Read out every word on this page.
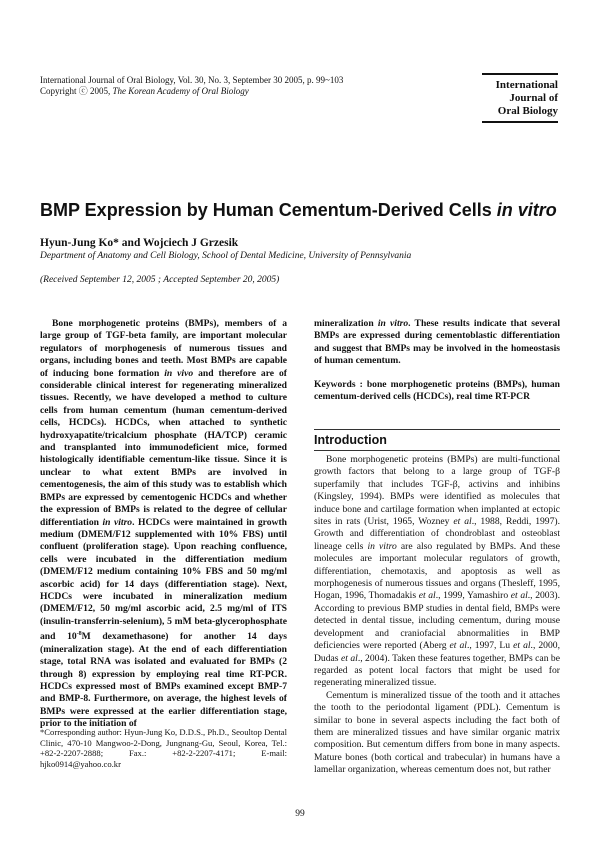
International Journal of Oral Biology, Vol. 30, No. 3, September 30 2005, p. 99~103
Copyright ⓒ 2005, The Korean Academy of Oral Biology	International
Journal of
Oral Biology
BMP Expression by Human Cementum-Derived Cells in vitro
Hyun-Jung Ko* and Wojciech J Grzesik
Department of Anatomy and Cell Biology, School of Dental Medicine, University of Pennsylvania
(Received September 12, 2005 ; Accepted September 20, 2005)
Bone morphogenetic proteins (BMPs), members of a large group of TGF-beta family, are important molecular regulators of morphogenesis of numerous tissues and organs, including bones and teeth. Most BMPs are capable of inducing bone formation in vivo and therefore are of considerable clinical interest for regenerating mineralized tissues. Recently, we have developed a method to culture cells from human cementum (human cementum-derived cells, HCDCs). HCDCs, when attached to synthetic hydroxyapatite/tricalcium phosphate (HA/TCP) ceramic and transplanted into immunodeficient mice, formed histologically identifiable cementum-like tissue. Since it is unclear to what extent BMPs are involved in cementogenesis, the aim of this study was to establish which BMPs are expressed by cementogenic HCDCs and whether the expression of BMPs is related to the degree of cellular differentiation in vitro. HCDCs were maintained in growth medium (DMEM/F12 supplemented with 10% FBS) until confluent (proliferation stage). Upon reaching confluence, cells were incubated in the differentiation medium (DMEM/F12 medium containing 10% FBS and 50 mg/ml ascorbic acid) for 14 days (differentiation stage). Next, HCDCs were incubated in mineralization medium (DMEM/F12, 50 mg/ml ascorbic acid, 2.5 mg/ml of ITS (insulin-transferrin-selenium), 5 mM beta-glycerophosphate and $10^{-8}M$ dexamethasone) for another 14 days (mineralization stage). At the end of each differentiation stage, total RNA was isolated and evaluated for BMPs (2 through 8) expression by employing real time RT-PCR. HCDCs expressed most of BMPs examined except BMP-7 and BMP-8. Furthermore, on average, the highest levels of BMPs were expressed at the earlier differentiation stage, prior to the initiation of
mineralization in vitro. These results indicate that several BMPs are expressed during cementoblastic differentiation and suggest that BMPs may be involved in the homeostasis of human cementum.
Keywords : bone morphogenetic proteins (BMPs), human cementum-derived cells (HCDCs), real time RT-PCR
Introduction

Bone morphogenetic proteins (BMPs) are multi-functional growth factors that belong to a large group of TGF-β superfamily that includes TGF-β, activins and inhibins (Kingsley, 1994). BMPs were identified as molecules that induce bone and cartilage formation when implanted at ectopic sites in rats (Urist, 1965, Wozney et al., 1988, Reddi, 1997). Growth and differentiation of chondroblast and osteoblast lineage cells in vitro are also regulated by BMPs. And these molecules are important molecular regulators of growth, differentiation, chemotaxis, and apoptosis as well as morphogenesis of numerous tissues and organs (Thesleff, 1995, Hogan, 1996, Thomadakis et al., 1999, Yamashiro et al., 2003). According to previous BMP studies in dental field, BMPs were detected in dental tissue, including cementum, during mouse development and craniofacial abnormalities in BMP deficiencies were reported (Aberg et al., 1997, Lu et al., 2000, Dudas et al., 2004). Taken these features together, BMPs can be regarded as potent local factors that might be used for regenerating mineralized tissue.

Cementum is mineralized tissue of the tooth and it attaches the tooth to the periodontal ligament (PDL). Cementum is similar to bone in several aspects including the fact both of them are mineralized tissues and have similar organic matrix composition. But cementum differs from bone in many aspects. Mature bones (both cortical and trabecular) in humans have a lamellar organization, whereas cementum does not, but rather

*Corresponding author: Hyun-Jung Ko, D.D.S., Ph.D., Seoultop Dental Clinic, 470-10 Mangwoo-2-Dong, Jungnang-Gu, Seoul, Korea, Tel.: +82-2-2207-2888; Fax.: +82-2-2207-4171; E-mail: hjko0914@yahoo.co.kr
99
